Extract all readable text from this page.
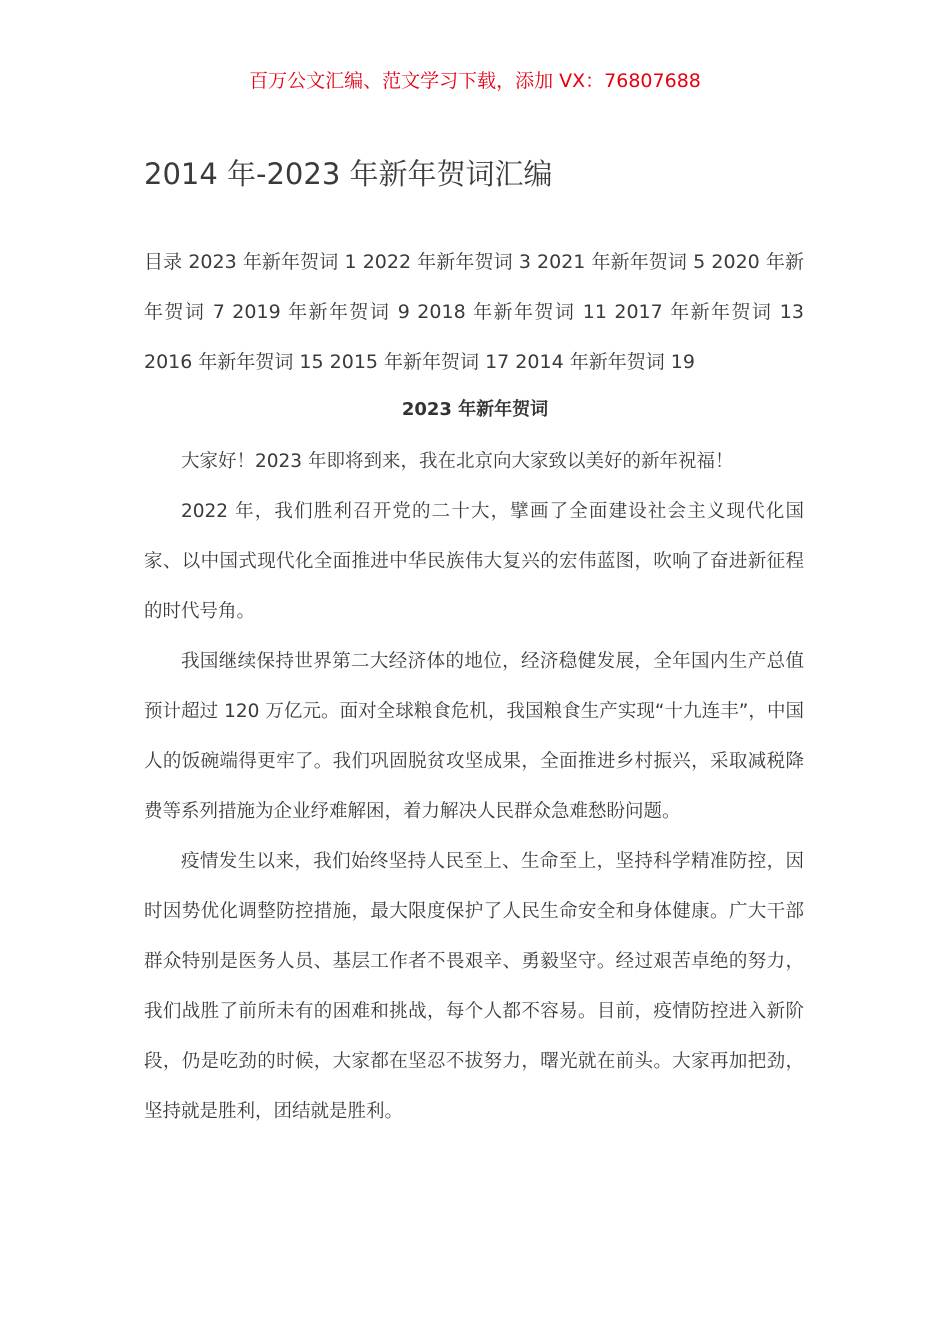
百万公文汇编、范文学习下载，添加 VX：76807688
2014 年-2023 年新年贺词汇编

目录 2023 年新年贺词 1 2022 年新年贺词 3 2021 年新年贺词 5 2020 年新年贺词 7 2019 年新年贺词 9 2018 年新年贺词 11 2017 年新年贺词 13 2016 年新年贺词 15 2015 年新年贺词 17 2014 年新年贺词 19

2023 年新年贺词

大家好！2023 年即将到来，我在北京向大家致以美好的新年祝福！

2022 年，我们胜利召开党的二十大，擘画了全面建设社会主义现代化国家、以中国式现代化全面推进中华民族伟大复兴的宏伟蓝图，吹响了奋进新征程的时代号角。

我国继续保持世界第二大经济体的地位，经济稳健发展，全年国内生产总值预计超过 120 万亿元。面对全球粮食危机，我国粮食生产实现“十九连丰”，中国人的饭碗端得更牢了。我们巩固脱贫攻坚成果，全面推进乡村振兴，采取减税降费等系列措施为企业纾难解困，着力解决人民群众急难愁盼问题。

疫情发生以来，我们始终坚持人民至上、生命至上，坚持科学精准防控，因时因势优化调整防控措施，最大限度保护了人民生命安全和身体健康。广大干部群众特别是医务人员、基层工作者不畏艰辛、勇毅坚守。经过艰苦卓绝的努力，我们战胜了前所未有的困难和挑战，每个人都不容易。目前，疫情防控进入新阶段，仍是吃劲的时候，大家都在坚忍不拔努力，曙光就在前头。大家再加把劲，坚持就是胜利，团结就是胜利。
